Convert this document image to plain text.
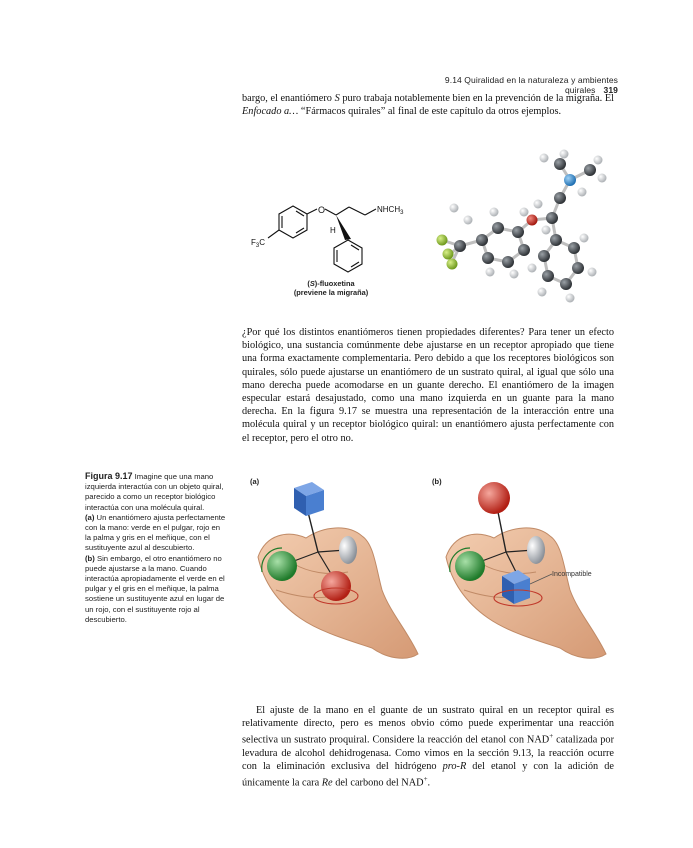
9.14 Quiralidad en la naturaleza y ambientes quirales 319

bargo, el enantiómero S puro trabaja notablemente bien en la prevención de la migraña. El Enfocado a… “Fármacos quirales” al final de este capítulo da otros ejemplos.

O
H
$NHCH_3$
$F_3C$
(S)-fluoxetina
(previene la migraña)

¿Por qué los distintos enantiómeros tienen propiedades diferentes? Para tener un efecto biológico, una sustancia comúnmente debe ajustarse en un receptor apropiado que tiene una forma exactamente complementaria. Pero debido a que los receptores biológicos son quirales, sólo puede ajustarse un enantiómero de un sustrato quiral, al igual que sólo una mano derecha puede acomodarse en un guante derecho. El enantiómero de la imagen especular estará desajustado, como una mano izquierda en un guante para la mano derecha. En la figura 9.17 se muestra una representación de la interacción entre una molécula quiral y un receptor biológico quiral: un enantiómero ajusta perfectamente con el receptor, pero el otro no.

Figura 9.17 Imagine que una mano izquierda interactúa con un objeto quiral, parecido a como un receptor biológico interactúa con una molécula quiral.
(a) Un enantiómero ajusta perfectamente con la mano: verde en el pulgar, rojo en la palma y gris en el meñique, con el sustituyente azul al descubierto.
(b) Sin embargo, el otro enantiómero no puede ajustarse a la mano. Cuando interactúa apropiadamente el verde en el pulgar y el gris en el meñique, la palma sostiene un sustituyente azul en lugar de un rojo, con el sustituyente rojo al descubierto.

(a)	(b)
Incompatible

El ajuste de la mano en el guante de un sustrato quiral en un receptor quiral es relativamente directo, pero es menos obvio cómo puede experimentar una reacción selectiva un sustrato proquiral. Considere la reacción del etanol con NAD+ catalizada por levadura de alcohol dehidrogenasa. Como vimos en la sección 9.13, la reacción ocurre con la eliminación exclusiva del hidrógeno pro-R del etanol y con la adición de únicamente la cara Re del carbono del NAD+.
